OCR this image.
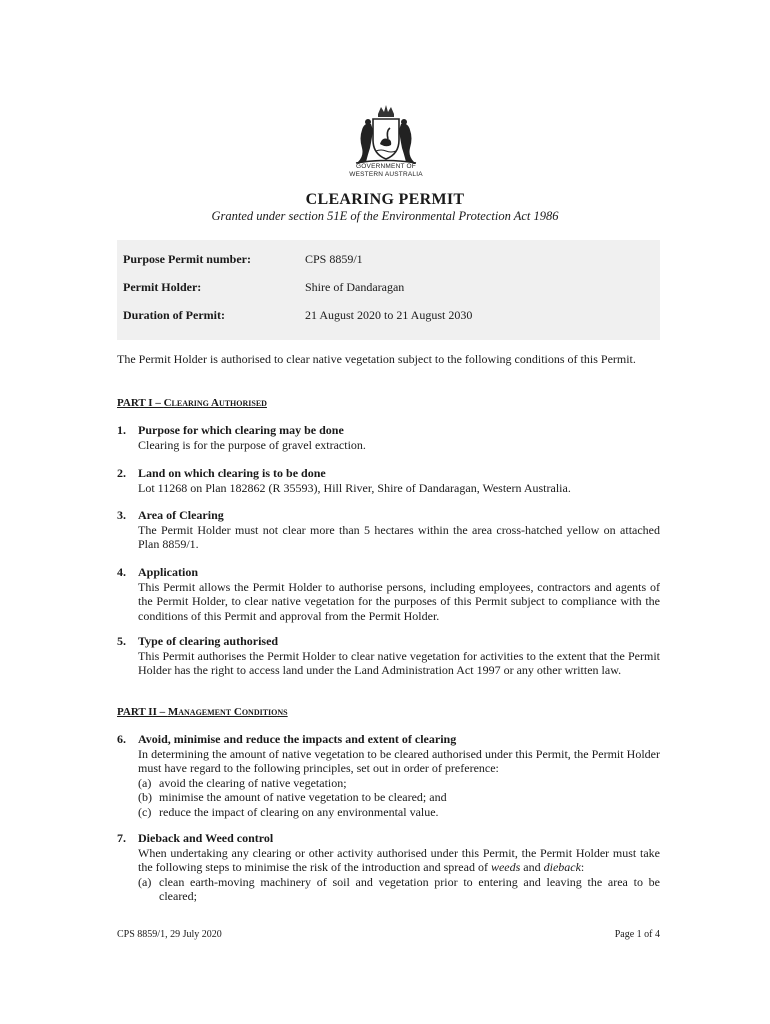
GOVERNMENT OF
WESTERN AUSTRALIA
CLEARING PERMIT
Granted under section 51E of the Environmental Protection Act 1986
Purpose Permit number:	CPS 8859/1
Permit Holder:	Shire of Dandaragan
Duration of Permit:	21 August 2020 to 21 August 2030
The Permit Holder is authorised to clear native vegetation subject to the following conditions of this Permit.
PART I – Clearing Authorised
1. Purpose for which clearing may be done
Clearing is for the purpose of gravel extraction.
2. Land on which clearing is to be done
Lot 11268 on Plan 182862 (R 35593), Hill River, Shire of Dandaragan, Western Australia.
3. Area of Clearing
The Permit Holder must not clear more than 5 hectares within the area cross-hatched yellow on attached Plan 8859/1.
4. Application
This Permit allows the Permit Holder to authorise persons, including employees, contractors and agents of the Permit Holder, to clear native vegetation for the purposes of this Permit subject to compliance with the conditions of this Permit and approval from the Permit Holder.
5. Type of clearing authorised
This Permit authorises the Permit Holder to clear native vegetation for activities to the extent that the Permit Holder has the right to access land under the Land Administration Act 1997 or any other written law.
PART II – Management Conditions
6. Avoid, minimise and reduce the impacts and extent of clearing
In determining the amount of native vegetation to be cleared authorised under this Permit, the Permit Holder must have regard to the following principles, set out in order of preference:
(a) avoid the clearing of native vegetation;
(b) minimise the amount of native vegetation to be cleared; and
(c) reduce the impact of clearing on any environmental value.
7. Dieback and Weed control
When undertaking any clearing or other activity authorised under this Permit, the Permit Holder must take the following steps to minimise the risk of the introduction and spread of weeds and dieback:
(a) clean earth-moving machinery of soil and vegetation prior to entering and leaving the area to be cleared;
CPS 8859/1, 29 July 2020	Page 1 of 4
